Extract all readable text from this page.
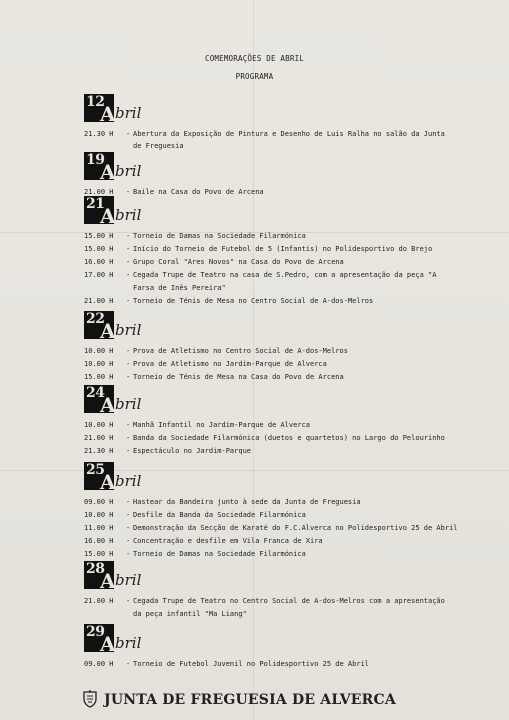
COMEMORAÇÕES DE ABRIL
PROGRAMA
12
A bril
21.30 H - Abertura da Exposição de Pintura e Desenho de Luís Ralha no salão da Junta
de Freguesia
19
A bril
21.00 H - Baile na Casa do Povo de Arcena
21
A bril
15.00 H - Torneio de Damas na Sociedade Filarmónica
15.00 H - Início do Torneio de Futebol de 5 (Infantis) no Polidesportivo do Brejo
16.00 H - Grupo Coral "Ares Novos" na Casa do Povo de Arcena
17.00 H - Cegada Trupe de Teatro na casa de S.Pedro, com a apresentação da peça "A
Farsa de Inês Pereira"
21.00 H - Torneio de Ténis de Mesa no Centro Social de A-dos-Melros
22
A bril
10.00 H - Prova de Atletismo no Centro Social de A-dos-Melros
10.00 H - Prova de Atletismo no Jardim-Parque de Alverca
15.00 H - Torneio de Ténis de Mesa na Casa do Povo de Arcena
24
A bril
10.00 H - Manhã Infantil no Jardim-Parque de Alverca
21.00 H - Banda da Sociedade Filarmónica (duetos e quartetos) no Largo do Pelourinho
21.30 H - Espectáculo no Jardim-Parque
25
A bril
09.00 H - Hastear da Bandeira junto à sede da Junta de Freguesia
10.00 H - Desfile da Banda da Sociedade Filarmónica
11.00 H - Demonstração da Secção de Karaté do F.C.Alverca no Polidesportivo 25 de Abril
16.00 H - Concentração e desfile em Vila Franca de Xira
15.00 H - Torneio de Damas na Sociedade Filarmónica
28
A bril
21.00 H - Cegada Trupe de Teatro no Centro Social de A-dos-Melros com a apresentação
da peça infantil "Ma Liang"
29
A bril
09.00 H - Torneio de Futebol Juvenil no Polidesportivo 25 de Abril
JUNTA DE FREGUESIA DE ALVERCA
